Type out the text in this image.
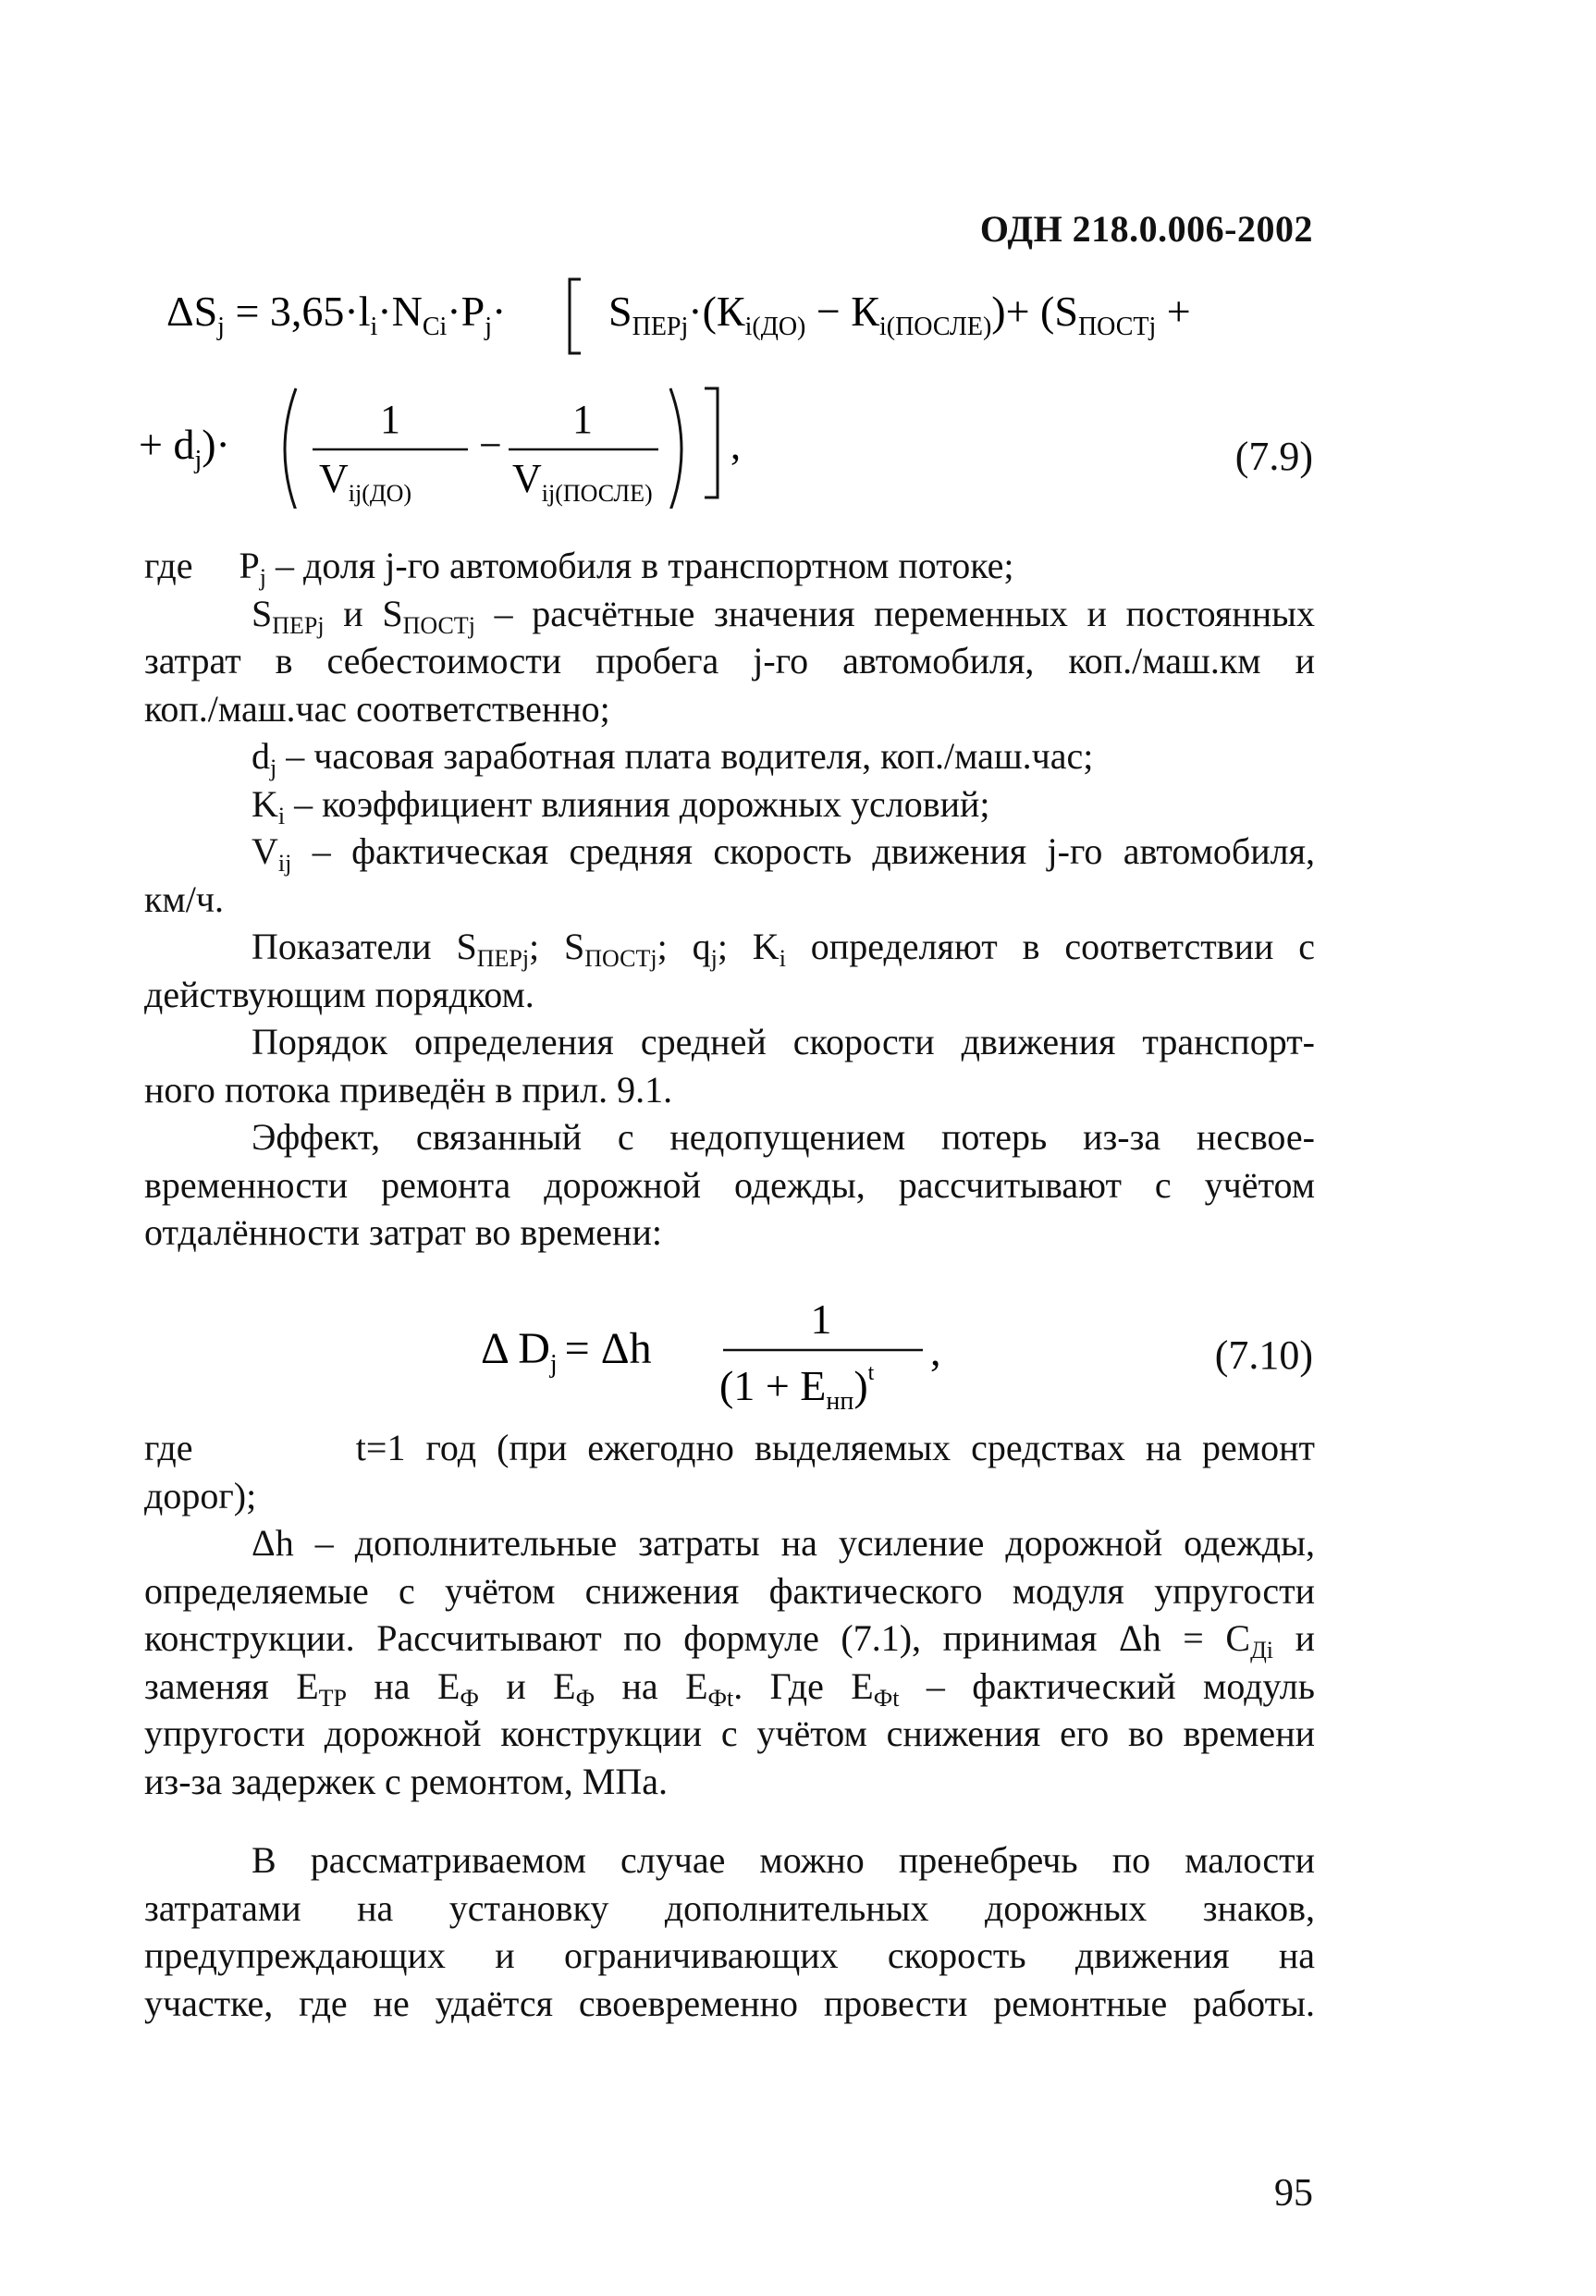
ОДН 218.0.006-2002
$\Delta S_j = 3,65\cdot l_i\cdot N_{Ci}\cdot P_j\cdot S_{ПЕРj}\cdot(К_{i(ДО)} - К_{i(ПОСЛЕ)})+ (S_{ПОСТj}$ +
+ $d_j)\cdot$
1
$V_{ij(ДО)}$
−
1
$V_{ij(ПОСЛЕ)}$
,	(7.9)
где $P_j$ – доля j-го автомобиля в транспортном потоке;
$S_{ПЕРj}$ и $S_{ПОСТj}$ – расчётные значения переменных и постоянных
затрат в себестоимости пробега j-го автомобиля, коп./маш.км и
коп./маш.час соответственно;
$d_j$ – часовая заработная плата водителя, коп./маш.час;
$K_i$ – коэффициент влияния дорожных условий;
$V_{ij}$ – фактическая средняя скорость движения j-го автомобиля,
км/ч.
Показатели $S_{ПЕРj}$; $S_{ПОСТj}$; $q_j$; $K_i$ определяют в соответствии с
действующим порядком.
Порядок определения средней скорости движения транспорт-
ного потока приведён в прил. 9.1.
Эффект, связанный с недопущением потерь из-за несвое-
временности ремонта дорожной одежды, рассчитывают с учётом
отдалённости затрат во времени:
Δ $D_j = \Delta h$
1
$(1 + E_{нп})^t$ ,	(7.10)
где	t=1 год (при ежегодно выделяемых средствах на ремонт
дорог);
Δh – дополнительные затраты на усиление дорожной одежды,
определяемые с учётом снижения фактического модуля упругости
конструкции. Рассчитывают по формуле (7.1), принимая $\Delta h = C_{Дi}$ и
заменяя $E_{ТР}$ на $E_Ф$ и $E_Ф$ на $E_{Фt}$. Где $E_{Фt}$ – фактический модуль
упругости дорожной конструкции с учётом снижения его во времени
из-за задержек с ремонтом, МПа.
В рассматриваемом случае можно пренебречь по малости
затратами на установку дополнительных дорожных знаков,
предупреждающих и ограничивающих скорость движения на
участке, где не удаётся своевременно провести ремонтные работы.
95
